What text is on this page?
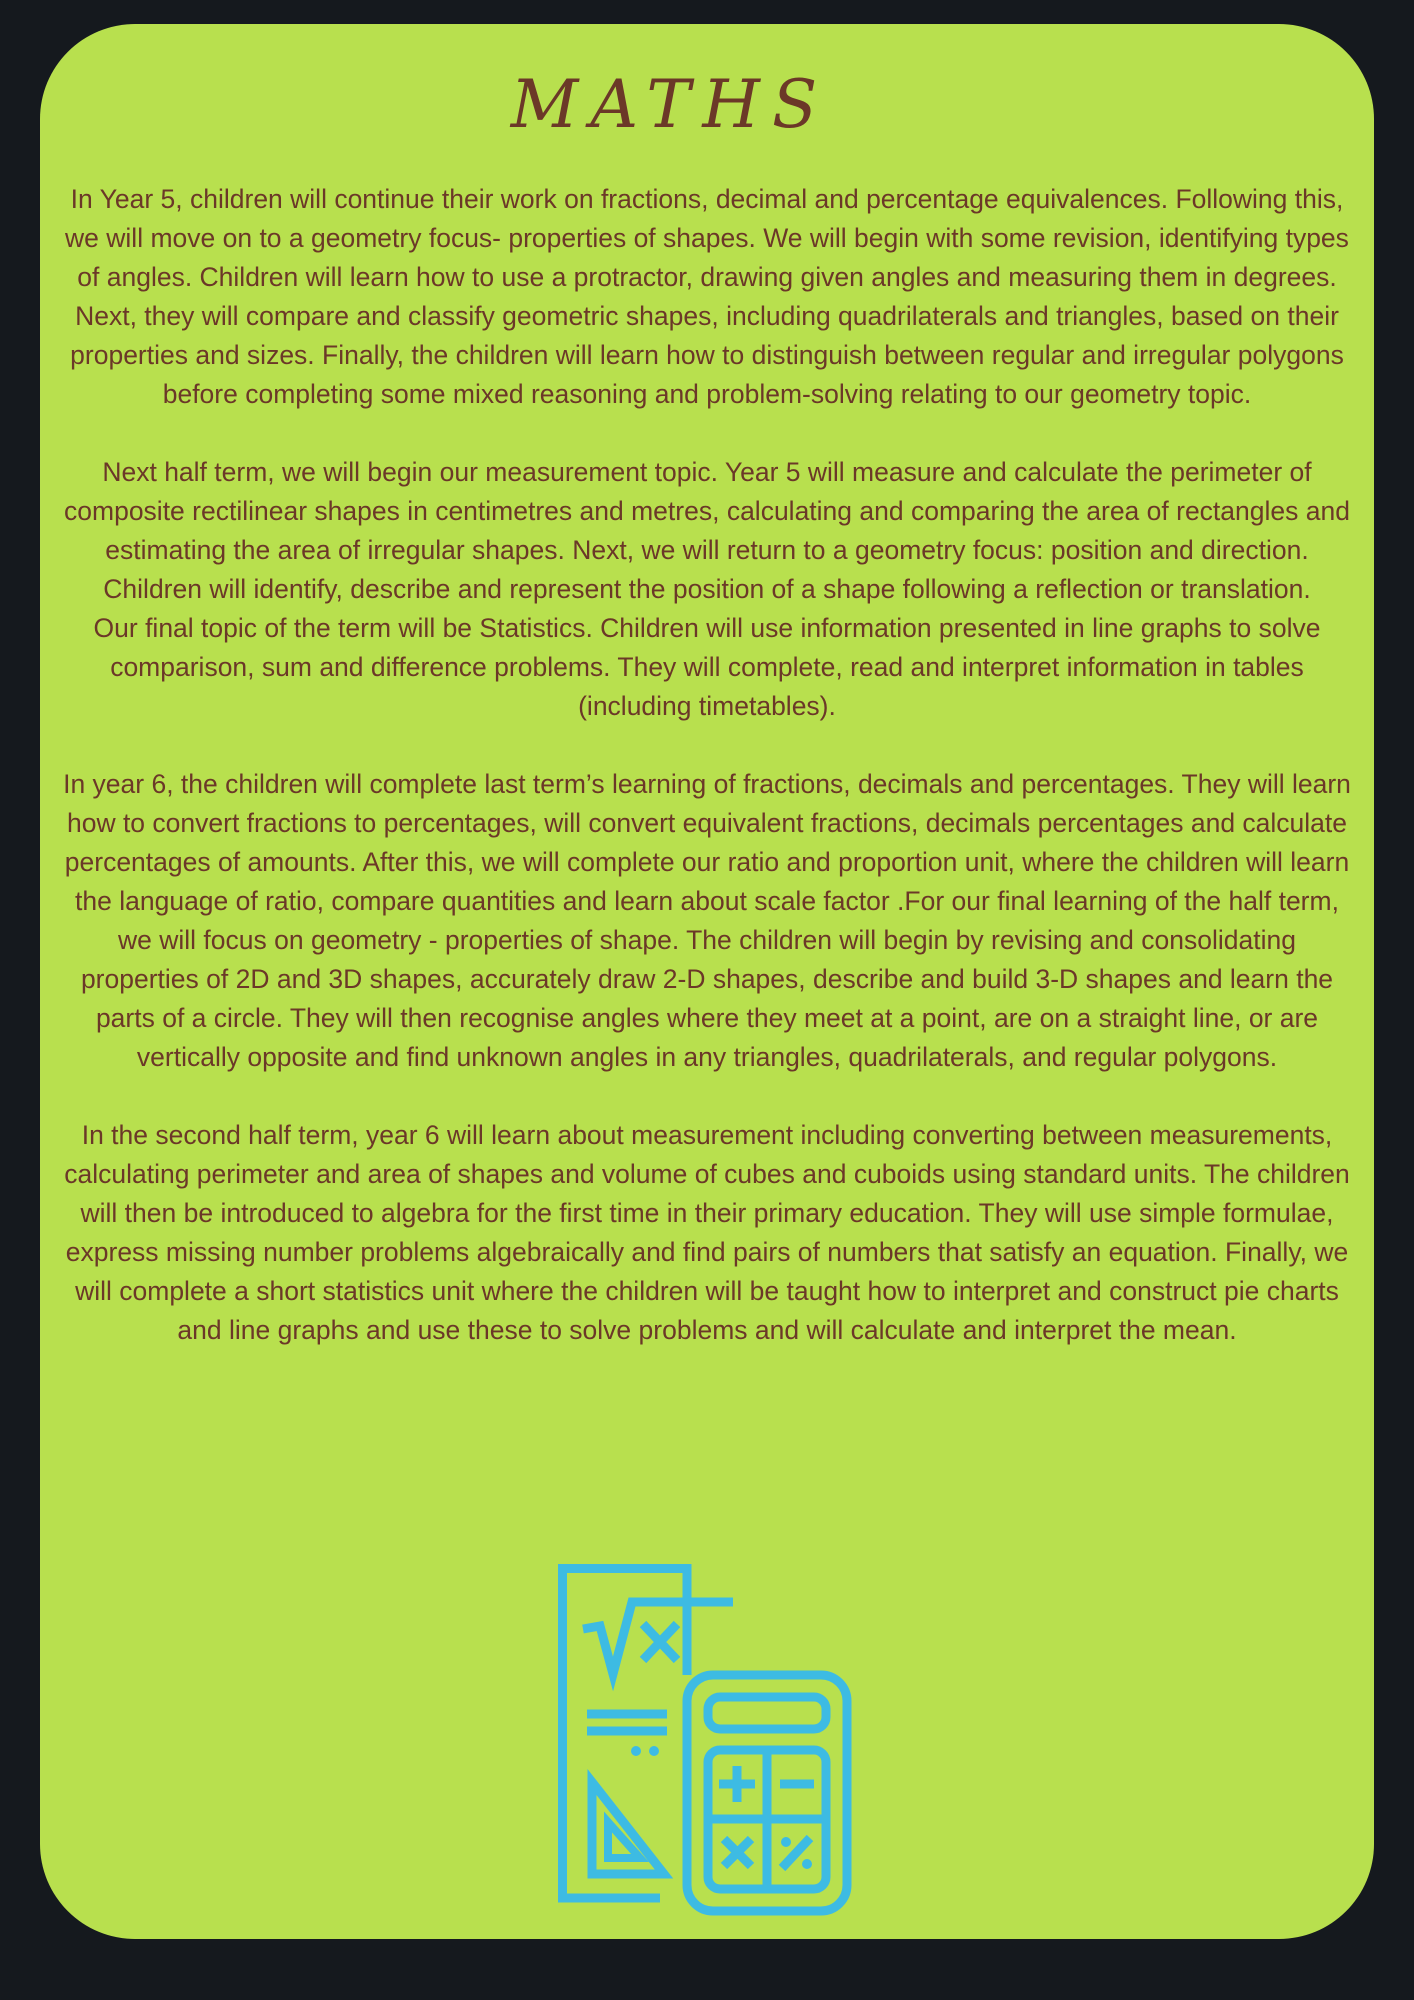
MATHS

In Year 5, children will continue their work on fractions, decimal and percentage equivalences. Following this, we will move on to a geometry focus- properties of shapes. We will begin with some revision, identifying types of angles. Children will learn how to use a protractor, drawing given angles and measuring them in degrees. Next, they will compare and classify geometric shapes, including quadrilaterals and triangles, based on their properties and sizes. Finally, the children will learn how to distinguish between regular and irregular polygons before completing some mixed reasoning and problem-solving relating to our geometry topic.

Next half term, we will begin our measurement topic. Year 5 will measure and calculate the perimeter of composite rectilinear shapes in centimetres and metres, calculating and comparing the area of rectangles and estimating the area of irregular shapes. Next, we will return to a geometry focus: position and direction. Children will identify, describe and represent the position of a shape following a reflection or translation.

Our final topic of the term will be Statistics. Children will use information presented in line graphs to solve comparison, sum and difference problems. They will complete, read and interpret information in tables (including timetables).

In year 6, the children will complete last term’s learning of fractions, decimals and percentages. They will learn how to convert fractions to percentages, will convert equivalent fractions, decimals percentages and calculate percentages of amounts. After this, we will complete our ratio and proportion unit, where the children will learn the language of ratio, compare quantities and learn about scale factor .For our final learning of the half term, we will focus on geometry - properties of shape. The children will begin by revising and consolidating properties of 2D and 3D shapes, accurately draw 2-D shapes, describe and build 3-D shapes and learn the parts of a circle. They will then recognise angles where they meet at a point, are on a straight line, or are vertically opposite and find unknown angles in any triangles, quadrilaterals, and regular polygons.

In the second half term, year 6 will learn about measurement including converting between measurements, calculating perimeter and area of shapes and volume of cubes and cuboids using standard units. The children will then be introduced to algebra for the first time in their primary education. They will use simple formulae, express missing number problems algebraically and find pairs of numbers that satisfy an equation. Finally, we will complete a short statistics unit where the children will be taught how to interpret and construct pie charts and line graphs and use these to solve problems and will calculate and interpret the mean.
